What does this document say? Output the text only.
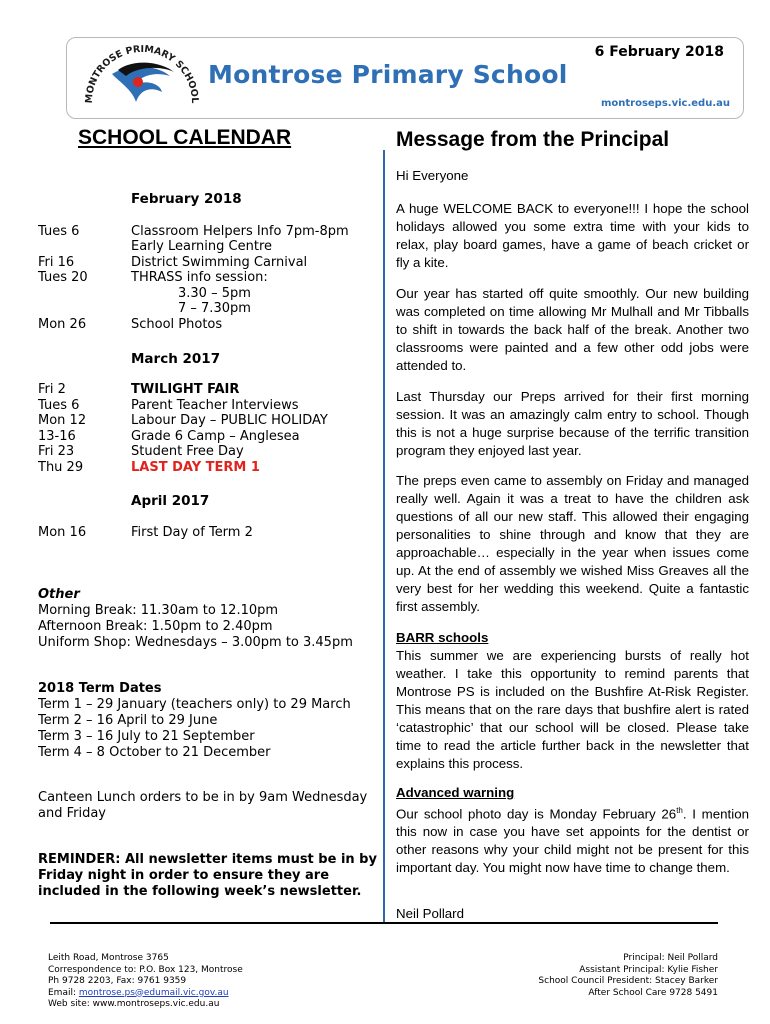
MONTROSE PRIMARY SCHOOL
6 February 2018
Montrose Primary School
montroseps.vic.edu.au
SCHOOL CALENDAR
February 2018
Tues 6	Classroom Helpers Info 7pm-8pm
Early Learning Centre
Fri 16	District Swimming Carnival
Tues 20	THRASS info session:
3.30 – 5pm
7 – 7.30pm
Mon 26	School Photos
March 2017
Fri 2	TWILIGHT FAIR
Tues 6	Parent Teacher Interviews
Mon 12	Labour Day – PUBLIC HOLIDAY
13-16	Grade 6 Camp – Anglesea
Fri 23	Student Free Day
Thu 29	LAST DAY TERM 1
April 2017
Mon 16	First Day of Term 2
Other
Morning Break: 11.30am to 12.10pm
Afternoon Break: 1.50pm to 2.40pm
Uniform Shop: Wednesdays – 3.00pm to 3.45pm
2018 Term Dates
Term 1 – 29 January (teachers only) to 29 March
Term 2 – 16 April to 29 June
Term 3 – 16 July to 21 September
Term 4 – 8 October to 21 December
Canteen Lunch orders to be in by 9am Wednesday
and Friday
REMINDER: All newsletter items must be in by
Friday night in order to ensure they are
included in the following week’s newsletter.
Message from the Principal
Hi Everyone
A huge WELCOME BACK to everyone!!! I hope the school holidays allowed you some extra time with your kids to relax, play board games, have a game of beach cricket or fly a kite.
Our year has started off quite smoothly. Our new building was completed on time allowing Mr Mulhall and Mr Tibballs to shift in towards the back half of the break. Another two classrooms were painted and a few other odd jobs were attended to.
Last Thursday our Preps arrived for their first morning session. It was an amazingly calm entry to school. Though this is not a huge surprise because of the terrific transition program they enjoyed last year.
The preps even came to assembly on Friday and managed really well. Again it was a treat to have the children ask questions of all our new staff. This allowed their engaging personalities to shine through and know that they are approachable… especially in the year when issues come up. At the end of assembly we wished Miss Greaves all the very best for her wedding this weekend. Quite a fantastic first assembly.
BARR schools
This summer we are experiencing bursts of really hot weather. I take this opportunity to remind parents that Montrose PS is included on the Bushfire At-Risk Register. This means that on the rare days that bushfire alert is rated ‘catastrophic’ that our school will be closed. Please take time to read the article further back in the newsletter that explains this process.
Advanced warning
Our school photo day is Monday February 26th. I mention this now in case you have set appoints for the dentist or other reasons why your child might not be present for this important day. You might now have time to change them.
Neil Pollard
Leith Road, Montrose 3765
Correspondence to: P.O. Box 123, Montrose
Ph 9728 2203, Fax: 9761 9359
Email: montrose.ps@edumail.vic.gov.au
Web site: www.montroseps.vic.edu.au
Principal: Neil Pollard
Assistant Principal: Kylie Fisher
School Council President: Stacey Barker
After School Care 9728 5491
